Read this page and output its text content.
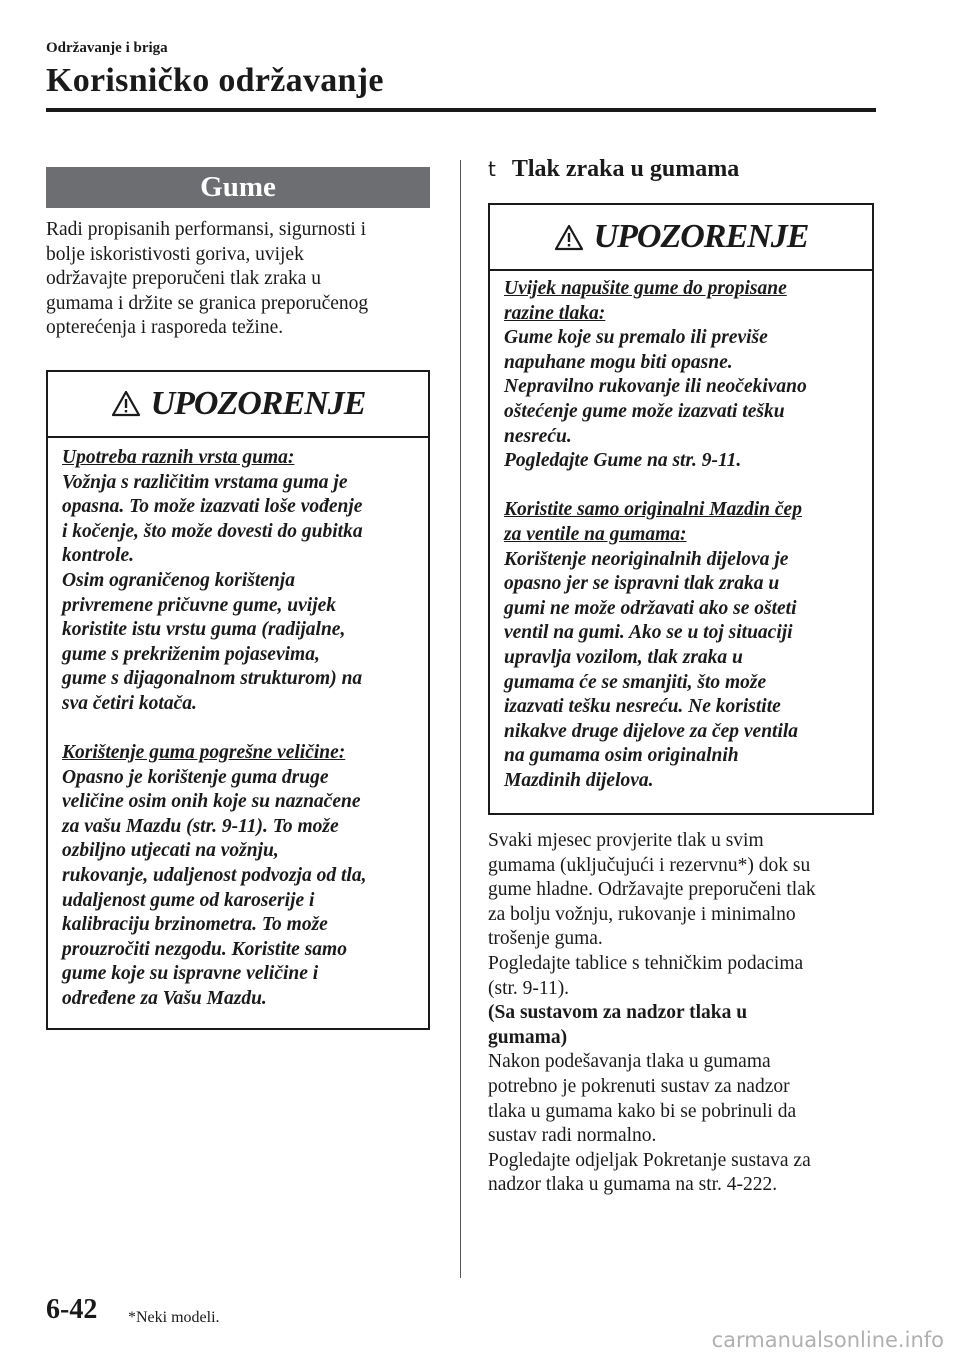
Održavanje i briga
Korisničko održavanje
Gume

Radi propisanih performansi, sigurnosti i

bolje iskoristivosti goriva, uvijek

održavajte preporučeni tlak zraka u

gumama i držite se granica preporučenog

opterećenja i rasporeda težine.

UPOZORENJE

Upotreba raznih vrsta guma:

Vožnja s različitim vrstama guma je

opasna. To može izazvati loše vođenje

i kočenje, što može dovesti do gubitka

kontrole.

Osim ograničenog korištenja

privremene pričuvne gume, uvijek

koristite istu vrstu guma (radijalne,

gume s prekriženim pojasevima,

gume s dijagonalnom strukturom) na

sva četiri kotača.

Korištenje guma pogrešne veličine:

Opasno je korištenje guma druge

veličine osim onih koje su naznačene

za vašu Mazdu (str. 9-11). To može

ozbiljno utjecati na vožnju,

rukovanje, udaljenost podvozja od tla,

udaljenost gume od karoserije i

kalibraciju brzinometra. To može

prouzročiti nezgodu. Koristite samo

gume koje su ispravne veličine i

određene za Vašu Mazdu.

t Tlak zraka u gumama
UPOZORENJE

Uvijek napušite gume do propisane

razine tlaka:

Gume koje su premalo ili previše

napuhane mogu biti opasne.

Nepravilno rukovanje ili neočekivano

oštećenje gume može izazvati tešku

nesreću.

Pogledajte Gume na str. 9-11.

Koristite samo originalni Mazdin čep

za ventile na gumama:

Korištenje neoriginalnih dijelova je

opasno jer se ispravni tlak zraka u

gumi ne može održavati ako se ošteti

ventil na gumi. Ako se u toj situaciji

upravlja vozilom, tlak zraka u

gumama će se smanjiti, što može

izazvati tešku nesreću. Ne koristite

nikakve druge dijelove za čep ventila

na gumama osim originalnih

Mazdinih dijelova.

Svaki mjesec provjerite tlak u svim

gumama (uključujući i rezervnu*) dok su

gume hladne. Održavajte preporučeni tlak

za bolju vožnju, rukovanje i minimalno

trošenje guma.

Pogledajte tablice s tehničkim podacima

(str. 9-11).

(Sa sustavom za nadzor tlaka u

gumama)

Nakon podešavanja tlaka u gumama

potrebno je pokrenuti sustav za nadzor

tlaka u gumama kako bi se pobrinuli da

sustav radi normalno.

Pogledajte odjeljak Pokretanje sustava za

nadzor tlaka u gumama na str. 4-222.

6-42 *Neki modeli.
carmanualsonline.info
